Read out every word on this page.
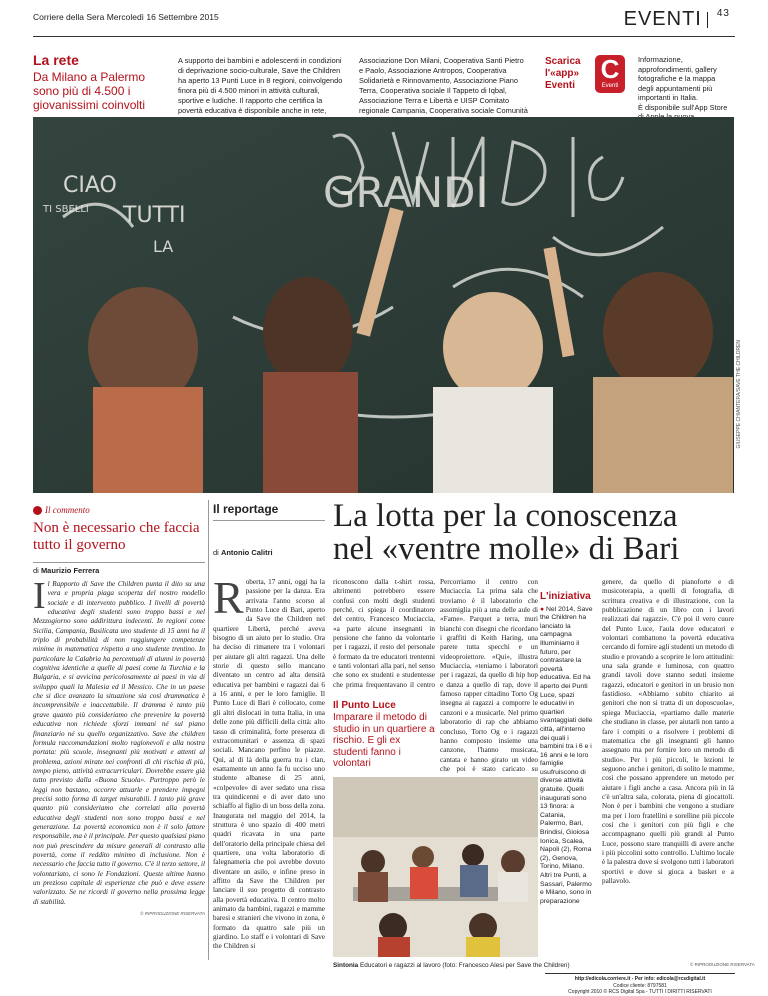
Corriere della Sera Mercoledì 16 Settembre 2015	EVENTI $^{43}$
La rete
Da Milano a Palermo sono più di 4.500 i giovanissimi coinvolti
A supporto dei bambini e adolescenti in condizioni
di deprivazione socio-culturale, Save the Children
ha aperto 13 Punti Luce in 8 regioni, coinvolgendo
finora più di 4.500 minori in attività culturali,
sportive e ludiche. Il rapporto che certifica la
povertà educativa è disponibile anche in rete,
Associazione Don Milani, Cooperativa Santi Pietro
e Paolo, Associazione Antropos, Cooperativa
Solidarietà e Rinnovamento, Associazione Piano
Terra, Cooperativa sociale Il Tappeto di Iqbal,
Associazione Terra e Libertà e UISP Comitato
regionale Campania, Cooperativa sociale Comunità
Scarica
l'«app»
Eventi
C
Eventi
Informazione,
approfondimenti, gallery
fotografiche e la mappa
degli appuntamenti più
importanti in Italia.
È disponibile sull'App Store
CIAO
TUTTI
TI SBELLI
LA
GRANDI
GIUSEPPE CHIANTERA/SAVE THE CHILDREN
Il commento
Non è necessario che faccia tutto il governo
di Maurizio Ferrera
Il Rapporto di Save the Children punta il dito su una vera e propria piaga scoperta del nostro modello sociale e di intervento pubblico. I livelli di povertà educativa degli studenti sono troppo bassi e nel Mezzogiorno sono addirittura indecenti. In regioni come Sicilia, Campania, Basilicata uno studente di 15 anni ha il triplo di probabilità di non raggiungere competenze minime in matematica rispetto a uno studente trentino. In particolare la Calabria ha percentuali di alunni in povertà cognitiva identiche a quelle di paesi come la Turchia e la Bulgaria, e si avvicina pericolosamente ai paesi in via di sviluppo quali la Malesia ed il Messico. Che in un paese che si dice avanzato la situazione sia così drammatica è incomprensibile e inaccettabile. Il dramma è tanto più grave quanto più consideriamo che prevenire la povertà educativa non richiede sforzi immani né sul piano finanziario né su quello organizzativo. Save the children formula raccomandazioni molto ragionevoli e alla nostra portata: più scuole, insegnanti più motivati e attenti al problema, azioni mirate nei confronti di chi rischia di più, tempo pieno, attività extracurriculari. Dovrebbe essere già tutto previsto dalla «Buona Scuola». Purtroppo però le leggi non bastano, occorre attuarle e prendere impegni precisi sotto forma di target misurabili. I tanto più grave quanto più consideriamo che correlati alla povertà educativa degli studenti non sono troppo bassi e nel generazione. La povertà economica non è il solo fattore responsabile, ma è il principale. Per questo qualsiasi piano non può prescindere da misure generali di contrasto alla povertà, come il reddito minimo di inclusione. Non è necessario che faccia tutto il governo. C'è il terzo settore, il volontariato, ci sono le Fondazioni. Queste ultime hanno un prezioso capitale di esperienze che può e deve essere valorizzato. Se ne ricordi il governo nella prossima legge di stabilità.
© RIPRODUZIONE RISERVATA
Il reportage
di Antonio Calitri
La lotta per la conoscenza
nel «ventre molle» di Bari
Roberta, 17 anni, oggi ha la passione per la danza. Era arrivata l'anno scorso al Punto Luce di Bari, aperto da Save the Children nel quartiere Libertà, perché aveva bisogno di un aiuto per lo studio. Ora ha deciso di rimanere tra i volontari per aiutare gli altri ragazzi. Una delle storie di questo sello mancano diventato un centro ad alta densità educativa per bambini e ragazzi dai 6 a 16 anni, e per le loro famiglie. Il Punto Luce di Bari è collocato, come gli altri dislocati in tutta Italia, in una delle zone più difficili della città: alto tasso di criminalità, forte presenza di extracomunitari e assenza di spazi sociali. Mancano perfino le piazze. Qui, al di là della guerra tra i clan, esattamente un anno fa fu ucciso uno studente albanese di 25 anni, «colpevole» di aver sedato una rissa tra quindicenni e di aver dato uno schiaffo al figlio di un boss della zona. Inaugurata nel maggio del 2014, la struttura è uno spazio di 400 metri quadri ricavata in una parte dell'oratorio della principale chiesa del quartiere, una volta laboratorio di falegnameria che poi avrebbe dovuto diventare un asilo, e infine preso in affitto da Save the Children per lanciare il suo progetto di contrasto alla povertà educativa. Il centro molto animato da bambini, ragazzi e mamme baresi e stranieri che vivono in zona, è formato da quattro sale più un giardino. Lo staff e i volontari di Save the Children si
riconoscono dalla t-shirt rossa, altrimenti potrebbero essere confusi con molti degli studenti perché, ci spiega il coordinatore del centro, Francesco Muciaccia, «a parte alcune insegnanti in pensione che fanno da volontarie per i ragazzi, il resto del personale è formato da tre educatori trentenni e tanti volontari alla pari, nel senso che sono ex studenti e studentesse che prima frequentavano il centro
Il Punto Luce
Imparare il metodo di studio in un quartiere a rischio. E gli ex studenti fanno i volontari
Percorriamo il centro con Muciaccia. La prima sala che troviamo è il laboratorio che assomiglia più a una delle aule di «Fame». Parquet a terra, muri bianchi con disegni che ricordano i graffiti di Keith Haring, una parete tutta specchi e un videoproiettore. «Qui», illustra Muciaccia, «teniamo i laboratori per i ragazzi, da quello di hip hop e danza a quello di rap, dove il famoso rapper cittadino Torto Og insegna ai ragazzi a comporre le canzoni e a musicarle. Nel primo laboratorio di rap che abbiamo concluso, Torto Og e i ragazzi hanno composto insieme una canzone, l'hanno musicata, cantata e hanno girato un video che poi è stato caricato su
L'iniziativa
● Nel 2014, Save the Children ha lanciato la campagna Illuminiamo il futuro, per contrastare la povertà educativa. Ed ha aperto dei Punti Luce, spazi educativi in quartieri svantaggiati delle città, all'interno dei quali i bambini tra i 6 e i 16 anni e le loro famiglie usufruiscono di diverse attività gratuite. Quelli inaugurati sono 13 finora: a Catania, Palermo, Bari, Brindisi, Gioiosa Ionica, Scalea, Napoli (2), Roma (2), Genova, Torino, Milano. Altri tre Punti, a Sassari, Palermo e Milano, sono in preparazione
genere, da quello di pianoforte e di musicoterapia, a quelli di fotografia, di scrittura creativa e di illustrazione, con la pubblicazione di un libro con i lavori realizzati dai ragazzi». C'è poi il vero cuore del Punto Luce, l'aula dove educatori e volontari combattono la povertà educativa cercando di fornire agli studenti un metodo di studio e provando a scoprire le loro attitudini: una sala grande e luminosa, con quattro grandi tavoli dove stanno seduti insieme ragazzi, educatori e genitori in un brusio non fastidioso. «Abbiamo subito chiarito ai genitori che non si tratta di un doposcuola», spiega Muciaccia, «partiamo dalle materie che studiano in classe, per aiutarli non tanto a fare i compiti o a risolvere i problemi di matematica che gli insegnanti gli hanno assegnato ma per fornire loro un metodo di studio». Per i più piccoli, le lezioni le seguono anche i genitori, di solito le mamme, così che possano apprendere un metodo per aiutare i figli anche a casa. Ancora più in là c'è un'altra sala, colorata, piena di giocattoli. Non è per i bambini che vengono a studiare ma per i loro fratellini e sorelline più piccole così che i genitori con più figli e che accompagnano quelli più grandi al Punto Luce, possono stare tranquilli di avere anche i più piccolini sotto controllo. L'ultimo locale è la palestra dove si svolgono tutti i laboratori sportivi e dove si gioca a basket e a pallavolo.
© RIPRODUZIONE RISERVATA
Sintonia Educatori e ragazzi al lavoro (foto: Francesco Alesi per Save the Children)
http://edicola.corriere.it - Per info: edicola@rcsdigital.it
Codice cliente: 8797581
Copyright 2010 © RCS Digital Spa - TUTTI I DIRITTI RISERVATI
